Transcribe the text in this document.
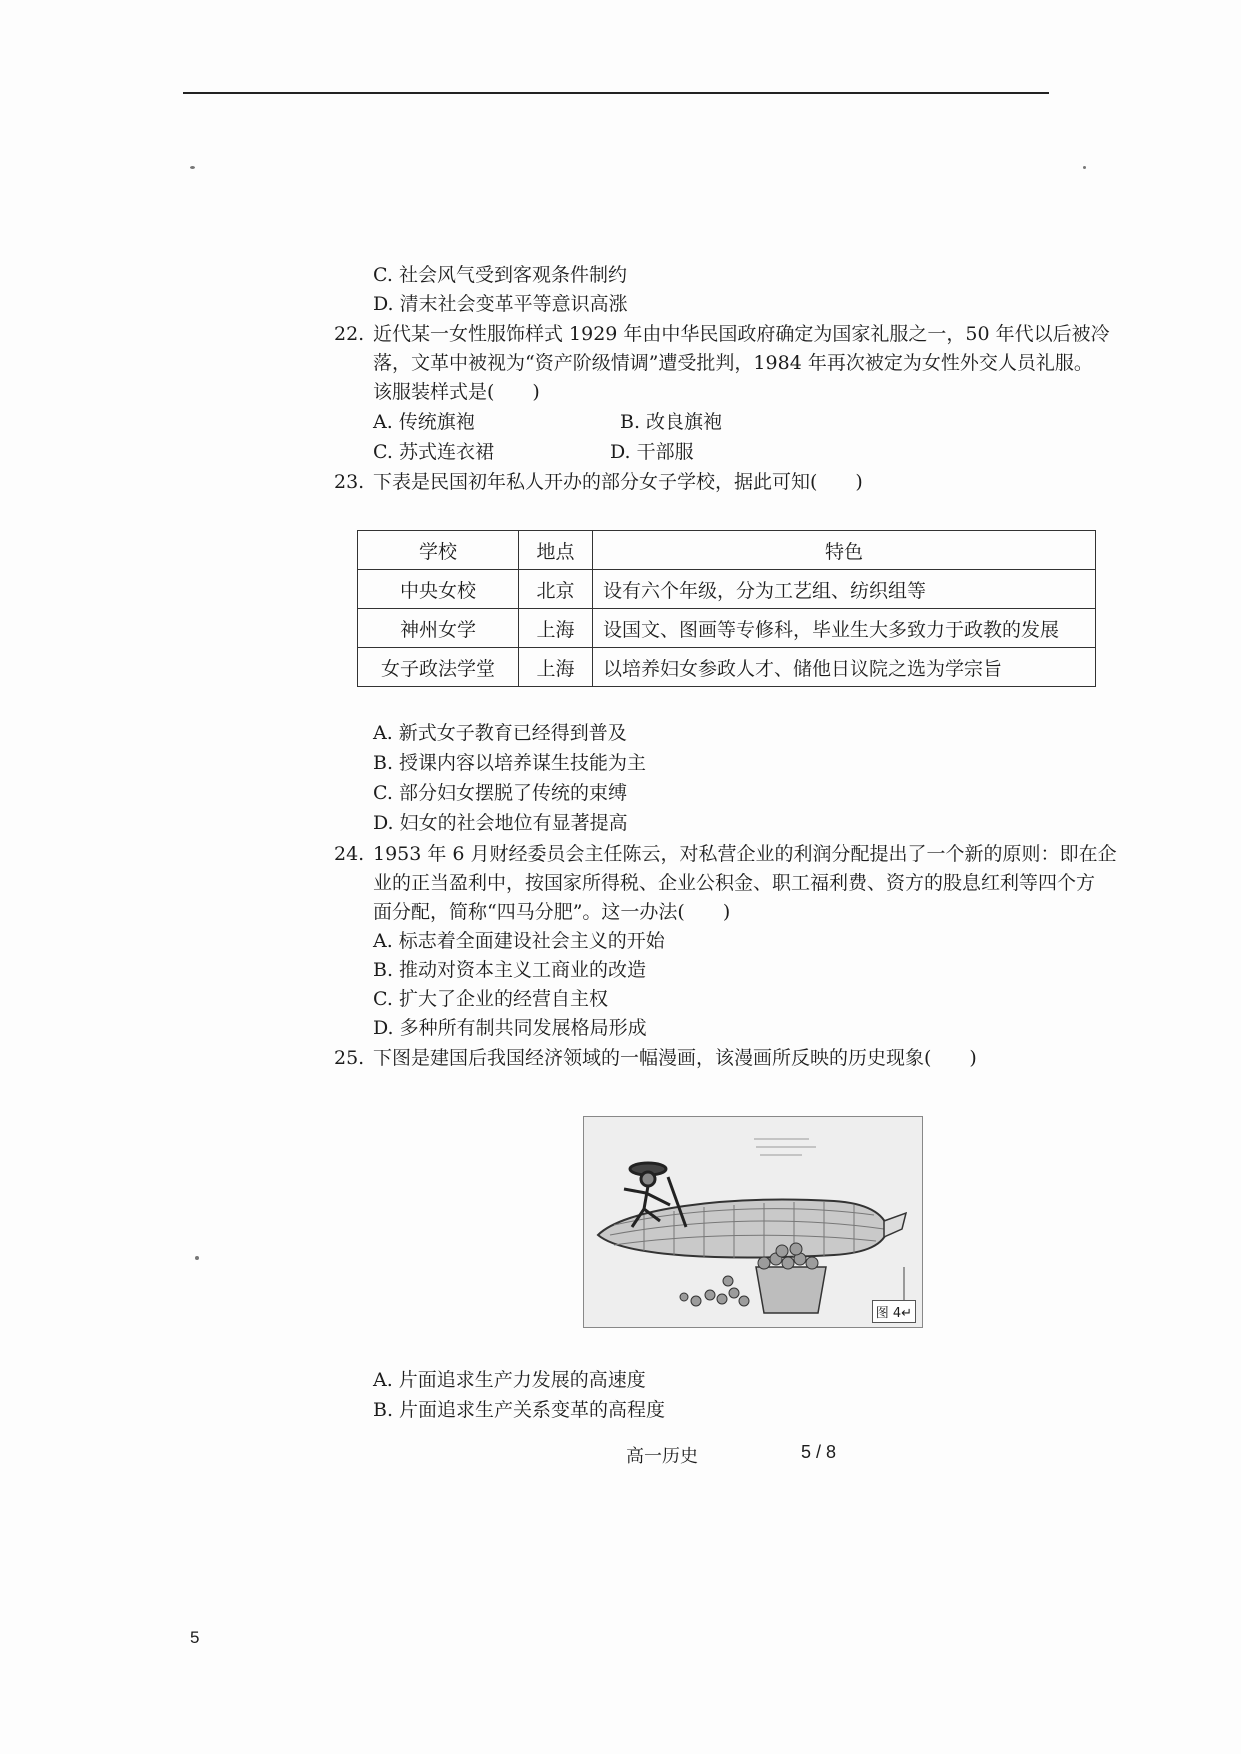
C. 社会风气受到客观条件制约
D. 清末社会变革平等意识高涨
22. 近代某一女性服饰样式 1929 年由中华民国政府确定为国家礼服之一，50 年代以后被冷
落，文革中被视为“资产阶级情调”遭受批判，1984 年再次被定为女性外交人员礼服。
该服装样式是(　　)
A. 传统旗袍	B. 改良旗袍
C. 苏式连衣裙	D. 干部服
23. 下表是民国初年私人开办的部分女子学校，据此可知(　　)
学校	地点	特色
中央女校	北京	设有六个年级，分为工艺组、纺织组等
神州女学	上海	设国文、图画等专修科，毕业生大多致力于政教的发展
女子政法学堂	上海	以培养妇女参政人才、储他日议院之选为学宗旨
A. 新式女子教育已经得到普及
B. 授课内容以培养谋生技能为主
C. 部分妇女摆脱了传统的束缚
D. 妇女的社会地位有显著提高
24. 1953 年 6 月财经委员会主任陈云，对私营企业的利润分配提出了一个新的原则：即在企
业的正当盈利中，按国家所得税、企业公积金、职工福利费、资方的股息红利等四个方
面分配，简称“四马分肥”。这一办法(　　)
A. 标志着全面建设社会主义的开始
B. 推动对资本主义工商业的改造
C. 扩大了企业的经营自主权
D. 多种所有制共同发展格局形成
25. 下图是建国后我国经济领域的一幅漫画，该漫画所反映的历史现象(　　)
图 4↵
A. 片面追求生产力发展的高速度
B. 片面追求生产关系变革的高程度
高一历史	5 / 8
5
